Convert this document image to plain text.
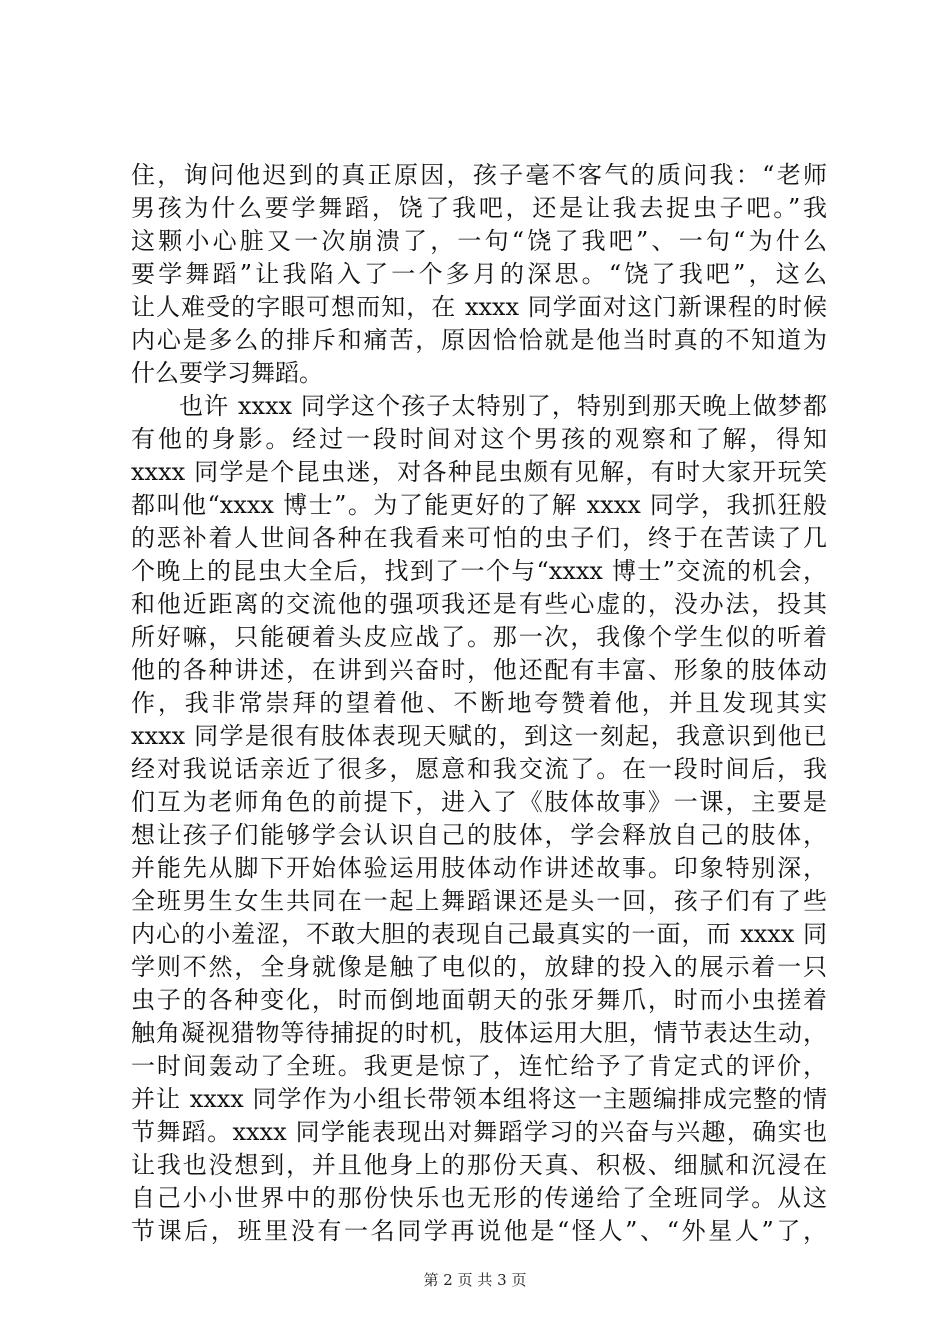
住，询问他迟到的真正原因，孩子毫不客气的质问我：“老师
男孩为什么要学舞蹈，饶了我吧，还是让我去捉虫子吧。”我
这颗小心脏又一次崩溃了，一句“饶了我吧”、一句“为什么
要学舞蹈”让我陷入了一个多月的深思。“饶了我吧”，这么
让人难受的字眼可想而知，在 xxxx 同学面对这门新课程的时候
内心是多么的排斥和痛苦，原因恰恰就是他当时真的不知道为
什么要学习舞蹈。
也许 xxxx 同学这个孩子太特别了，特别到那天晚上做梦都
有他的身影。经过一段时间对这个男孩的观察和了解，得知
xxxx 同学是个昆虫迷，对各种昆虫颇有见解，有时大家开玩笑
都叫他“xxxx 博士”。为了能更好的了解 xxxx 同学，我抓狂般
的恶补着人世间各种在我看来可怕的虫子们，终于在苦读了几
个晚上的昆虫大全后，找到了一个与“xxxx 博士”交流的机会，
和他近距离的交流他的强项我还是有些心虚的，没办法，投其
所好嘛，只能硬着头皮应战了。那一次，我像个学生似的听着
他的各种讲述，在讲到兴奋时，他还配有丰富、形象的肢体动
作，我非常崇拜的望着他、不断地夸赞着他，并且发现其实
xxxx 同学是很有肢体表现天赋的，到这一刻起，我意识到他已
经对我说话亲近了很多，愿意和我交流了。在一段时间后，我
们互为老师角色的前提下，进入了《肢体故事》一课，主要是
想让孩子们能够学会认识自己的肢体，学会释放自己的肢体，
并能先从脚下开始体验运用肢体动作讲述故事。印象特别深，
全班男生女生共同在一起上舞蹈课还是头一回，孩子们有了些
内心的小羞涩，不敢大胆的表现自己最真实的一面，而 xxxx 同
学则不然，全身就像是触了电似的，放肆的投入的展示着一只
虫子的各种变化，时而倒地面朝天的张牙舞爪，时而小虫搓着
触角凝视猎物等待捕捉的时机，肢体运用大胆，情节表达生动，
一时间轰动了全班。我更是惊了，连忙给予了肯定式的评价，
并让 xxxx 同学作为小组长带领本组将这一主题编排成完整的情
节舞蹈。xxxx 同学能表现出对舞蹈学习的兴奋与兴趣，确实也
让我也没想到，并且他身上的那份天真、积极、细腻和沉浸在
自己小小世界中的那份快乐也无形的传递给了全班同学。从这
节课后，班里没有一名同学再说他是“怪人”、“外星人”了，
第 2 页 共 3 页
